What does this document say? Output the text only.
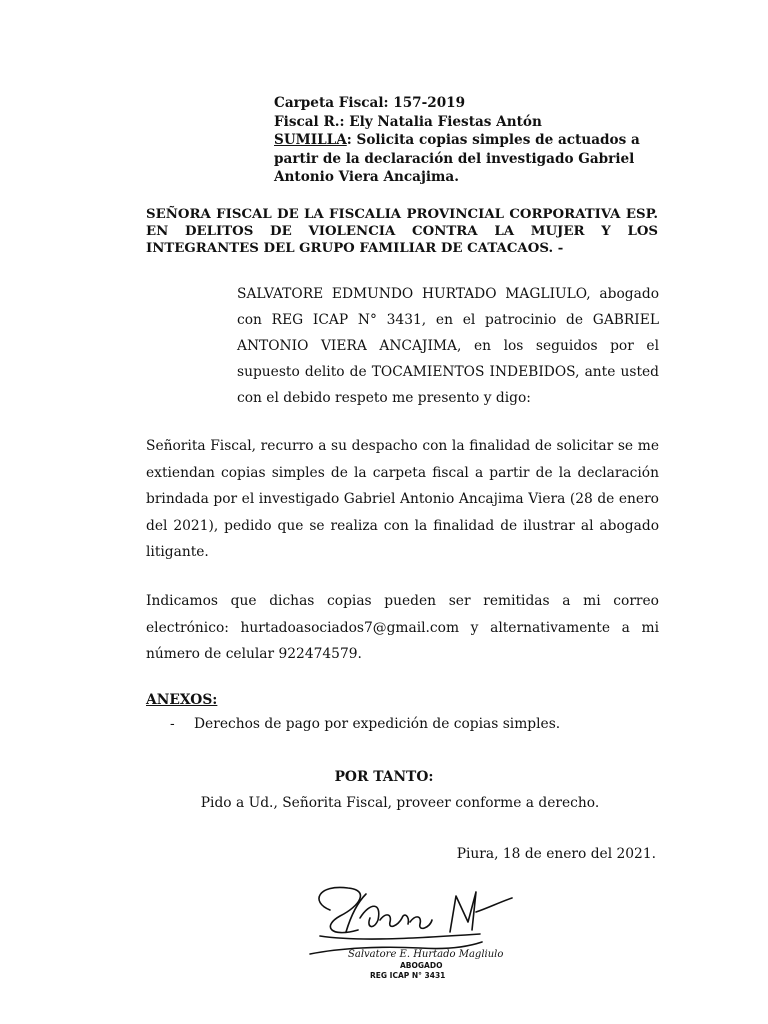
Carpeta Fiscal: 157-2019
Fiscal R.: Ely Natalia Fiestas Antón
SUMILLA: Solicita copias simples de actuados a
partir de la declaración del investigado Gabriel
Antonio Viera Ancajima.
SEÑORA FISCAL DE LA FISCALIA PROVINCIAL CORPORATIVA ESP. EN DELITOS DE VIOLENCIA CONTRA LA MUJER Y LOS INTEGRANTES DEL GRUPO FAMILIAR DE CATACAOS. -
SALVATORE EDMUNDO HURTADO MAGLIULO, abogado con REG ICAP N° 3431, en el patrocinio de GABRIEL ANTONIO VIERA ANCAJIMA, en los seguidos por el supuesto delito de TOCAMIENTOS INDEBIDOS, ante usted con el debido respeto me presento y digo:
Señorita Fiscal, recurro a su despacho con la finalidad de solicitar se me extiendan copias simples de la carpeta fiscal a partir de la declaración brindada por el investigado Gabriel Antonio Ancajima Viera (28 de enero del 2021), pedido que se realiza con la finalidad de ilustrar al abogado litigante.
Indicamos que dichas copias pueden ser remitidas a mi correo electrónico: hurtadoasociados7@gmail.com y alternativamente a mi número de celular 922474579.
ANEXOS:
- Derechos de pago por expedición de copias simples.
POR TANTO:
Pido a Ud., Señorita Fiscal, proveer conforme a derecho.
Piura, 18 de enero del 2021.
Salvatore E. Hurtado Magliulo
ABOGADO
REG ICAP N° 3431
